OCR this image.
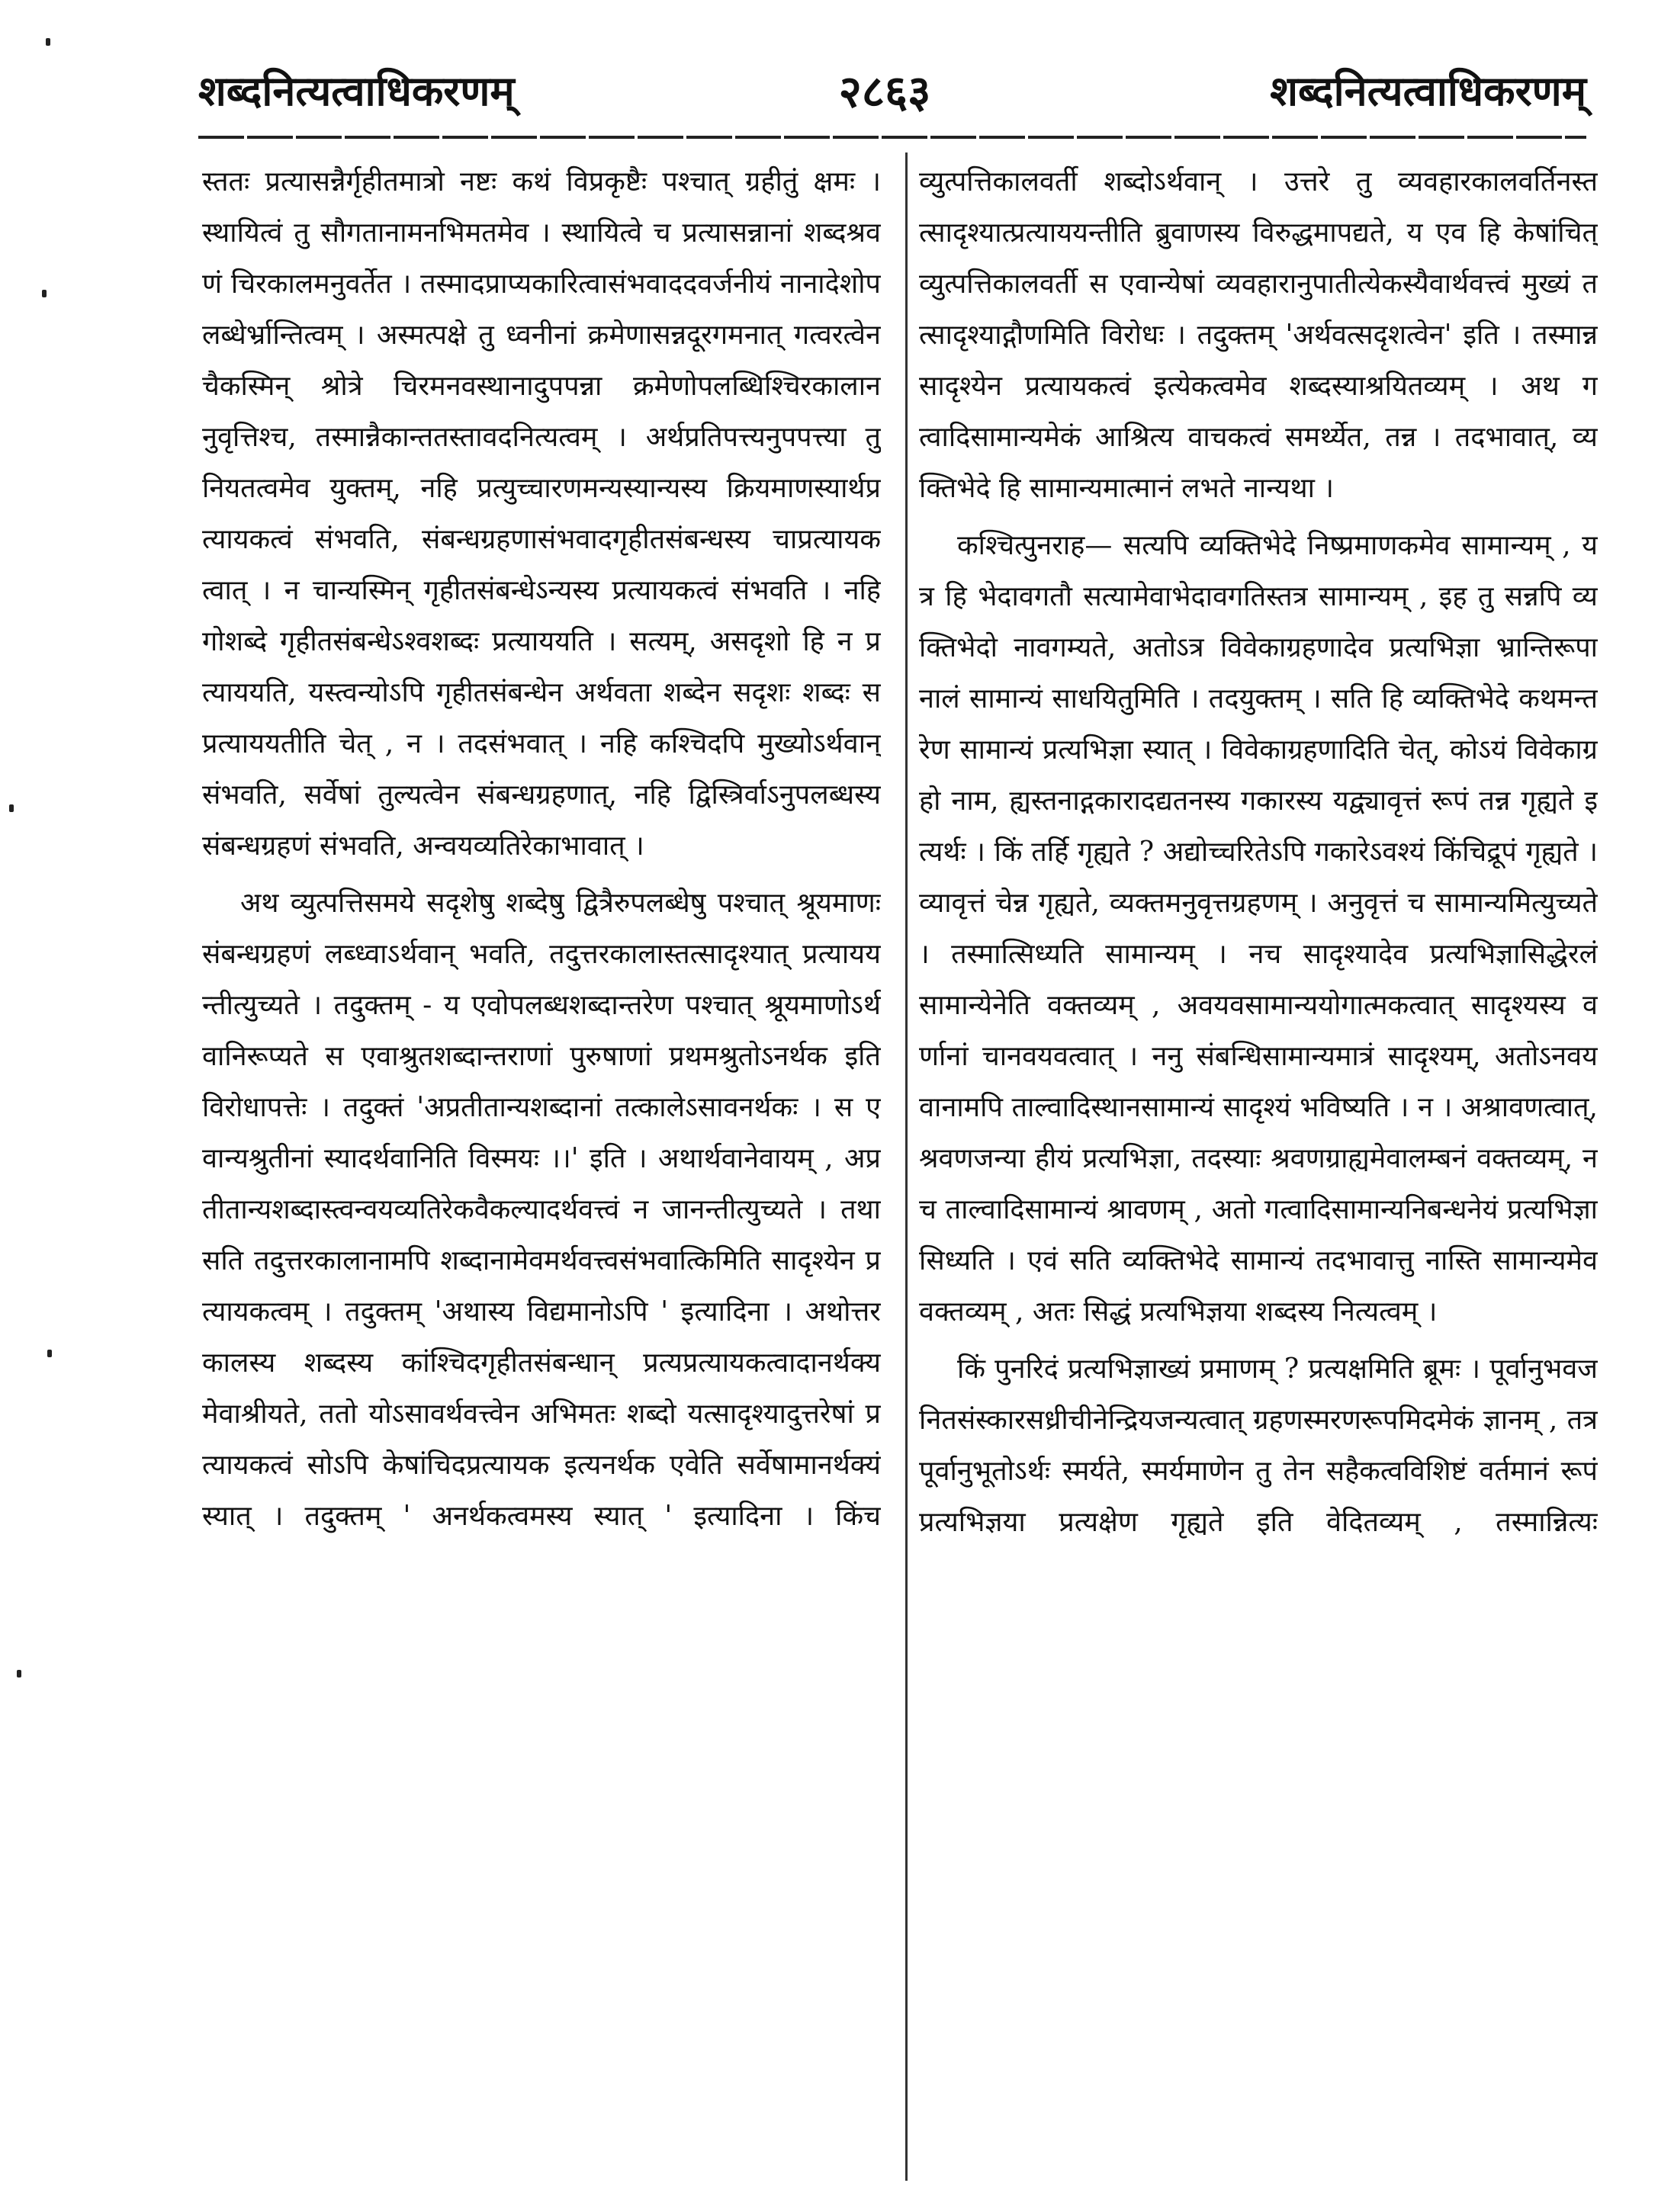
शब्दनित्यत्वाधिकरणम्	२८६३	शब्दनित्यत्वाधिकरणम्

स्ततः प्रत्यासन्नैर्गृहीतमात्रो नष्टः कथं विप्रकृष्टैः पश्चात् ग्रहीतुं क्षमः । स्थायित्वं तु सौगतानामनभिमतमेव । स्थायित्वे च प्रत्यासन्नानां शब्दश्रवणं चिरकालमनुवर्तेत । तस्मादप्राप्यकारित्वासंभवाददवर्जनीयं नानादेशोपलब्धेर्भ्रान्तित्वम् । अस्मत्पक्षे तु ध्वनीनां क्रमेणासन्नदूरगमनात् गत्वरत्वेन चैकस्मिन् श्रोत्रे चिरमनवस्थानादुपपन्ना क्रमेणोपलब्धिश्चिरकालाननुवृत्तिश्च, तस्मान्नैकान्ततस्तावदनित्यत्वम् । अर्थप्रतिपत्त्यनुपपत्त्या तु नियतत्वमेव युक्तम्, नहि प्रत्युच्चारणमन्यस्यान्यस्य क्रियमाणस्यार्थप्रत्यायकत्वं संभवति, संबन्धग्रहणासंभवादगृहीतसंबन्धस्य चाप्रत्यायकत्वात् । न चान्यस्मिन् गृहीतसंबन्धेऽन्यस्य प्रत्यायकत्वं संभवति । नहि गोशब्दे गृहीतसंबन्धेऽश्वशब्दः प्रत्याययति । सत्यम्, असदृशो हि न प्रत्याययति, यस्त्वन्योऽपि गृहीतसंबन्धेन अर्थवता शब्देन सदृशः शब्दः स प्रत्याययतीति चेत् , न । तदसंभवात् । नहि कश्चिदपि मुख्योऽर्थवान् संभवति, सर्वेषां तुल्यत्वेन संबन्धग्रहणात्, नहि द्विस्त्रिर्वाऽनुपलब्धस्य संबन्धग्रहणं संभवति, अन्वयव्यतिरेकाभावात् ।

अथ व्युत्पत्तिसमये सदृशेषु शब्देषु द्वित्रैरुपलब्धेषु पश्चात् श्रूयमाणः संबन्धग्रहणं लब्ध्वाऽर्थवान् भवति, तदुत्तरकालास्तत्सादृश्यात् प्रत्याययन्तीत्युच्यते । तदुक्तम् - य एवोपलब्धशब्दान्तरेण पश्चात् श्रूयमाणोऽर्थवानिरूप्यते स एवाश्रुतशब्दान्तराणां पुरुषाणां प्रथमश्रुतोऽनर्थक इति विरोधापत्तेः । तदुक्तं 'अप्रतीतान्यशब्दानां तत्कालेऽसावनर्थकः । स एवान्यश्रुतीनां स्यादर्थवानिति विस्मयः ।।' इति । अथार्थवानेवायम् , अप्रतीतान्यशब्दास्त्वन्वयव्यतिरेकवैकल्यादर्थवत्त्वं न जानन्तीत्युच्यते । तथा सति तदुत्तरकालानामपि शब्दानामेवमर्थवत्त्वसंभवात्किमिति सादृश्येन प्रत्यायकत्वम् । तदुक्तम् 'अथास्य विद्यमानोऽपि ' इत्यादिना । अथोत्तरकालस्य शब्दस्य कांश्चिदगृहीतसंबन्धान् प्रत्यप्रत्यायकत्वादानर्थक्यमेवाश्रीयते, ततो योऽसावर्थवत्त्वेन अभिमतः शब्दो यत्सादृश्यादुत्तरेषां प्रत्यायकत्वं सोऽपि केषांचिदप्रत्यायक इत्यनर्थक एवेति सर्वेषामानर्थक्यं स्यात् । तदुक्तम् ' अनर्थकत्वमस्य स्यात् ' इत्यादिना । किंच

व्युत्पत्तिकालवर्ती शब्दोऽर्थवान् । उत्तरे तु व्यवहारकालवर्तिनस्तत्सादृश्यात्प्रत्याययन्तीति ब्रुवाणस्य विरुद्धमापद्यते, य एव हि केषांचित् व्युत्पत्तिकालवर्ती स एवान्येषां व्यवहारानुपातीत्येकस्यैवार्थवत्त्वं मुख्यं तत्सादृश्याद्गौणमिति विरोधः । तदुक्तम् 'अर्थवत्सदृशत्वेन' इति । तस्मान्न सादृश्येन प्रत्यायकत्वं इत्येकत्वमेव शब्दस्याश्रयितव्यम् । अथ गत्वादिसामान्यमेकं आश्रित्य वाचकत्वं समर्थ्येत, तन्न । तदभावात्, व्यक्तिभेदे हि सामान्यमात्मानं लभते नान्यथा ।

कश्चित्पुनराह— सत्यपि व्यक्तिभेदे निष्प्रमाणकमेव सामान्यम् , यत्र हि भेदावगतौ सत्यामेवाभेदावगतिस्तत्र सामान्यम् , इह तु सन्नपि व्यक्तिभेदो नावगम्यते, अतोऽत्र विवेकाग्रहणादेव प्रत्यभिज्ञा भ्रान्तिरूपा नालं सामान्यं साधयितुमिति । तदयुक्तम् । सति हि व्यक्तिभेदे कथमन्तरेण सामान्यं प्रत्यभिज्ञा स्यात् । विवेकाग्रहणादिति चेत्, कोऽयं विवेकाग्रहो नाम, ह्यस्तनाद्गकारादद्यतनस्य गकारस्य यद्व्यावृत्तं रूपं तन्न गृह्यते इत्यर्थः । किं तर्हि गृह्यते ? अद्योच्चरितेऽपि गकारेऽवश्यं किंचिद्रूपं गृह्यते । व्यावृत्तं चेन्न गृह्यते, व्यक्तमनुवृत्तग्रहणम् । अनुवृत्तं च सामान्यमित्युच्यते । तस्मात्सिध्यति सामान्यम् । नच सादृश्यादेव प्रत्यभिज्ञासिद्धेरलं सामान्येनेति वक्तव्यम् , अवयवसामान्ययोगात्मकत्वात् सादृश्यस्य वर्णानां चानवयवत्वात् । ननु संबन्धिसामान्यमात्रं सादृश्यम्, अतोऽनवयवानामपि ताल्वादिस्थानसामान्यं सादृश्यं भविष्यति । न । अश्रावणत्वात्, श्रवणजन्या हीयं प्रत्यभिज्ञा, तदस्याः श्रवणग्राह्यमेवालम्बनं वक्तव्यम्, नच ताल्वादिसामान्यं श्रावणम् , अतो गत्वादिसामान्यनिबन्धनेयं प्रत्यभिज्ञा सिध्यति । एवं सति व्यक्तिभेदे सामान्यं तदभावात्तु नास्ति सामान्यमेव वक्तव्यम् , अतः सिद्धं प्रत्यभिज्ञया शब्दस्य नित्यत्वम् ।

किं पुनरिदं प्रत्यभिज्ञाख्यं प्रमाणम् ? प्रत्यक्षमिति ब्रूमः । पूर्वानुभवजनितसंस्कारसध्रीचीनेन्द्रियजन्यत्वात् ग्रहणस्मरणरूपमिदमेकं ज्ञानम् , तत्र पूर्वानुभूतोऽर्थः स्मर्यते, स्मर्यमाणेन तु तेन सहैकत्वविशिष्टं वर्तमानं रूपं प्रत्यभिज्ञया प्रत्यक्षेण गृह्यते इति वेदितव्यम् , तस्मान्नित्यः
